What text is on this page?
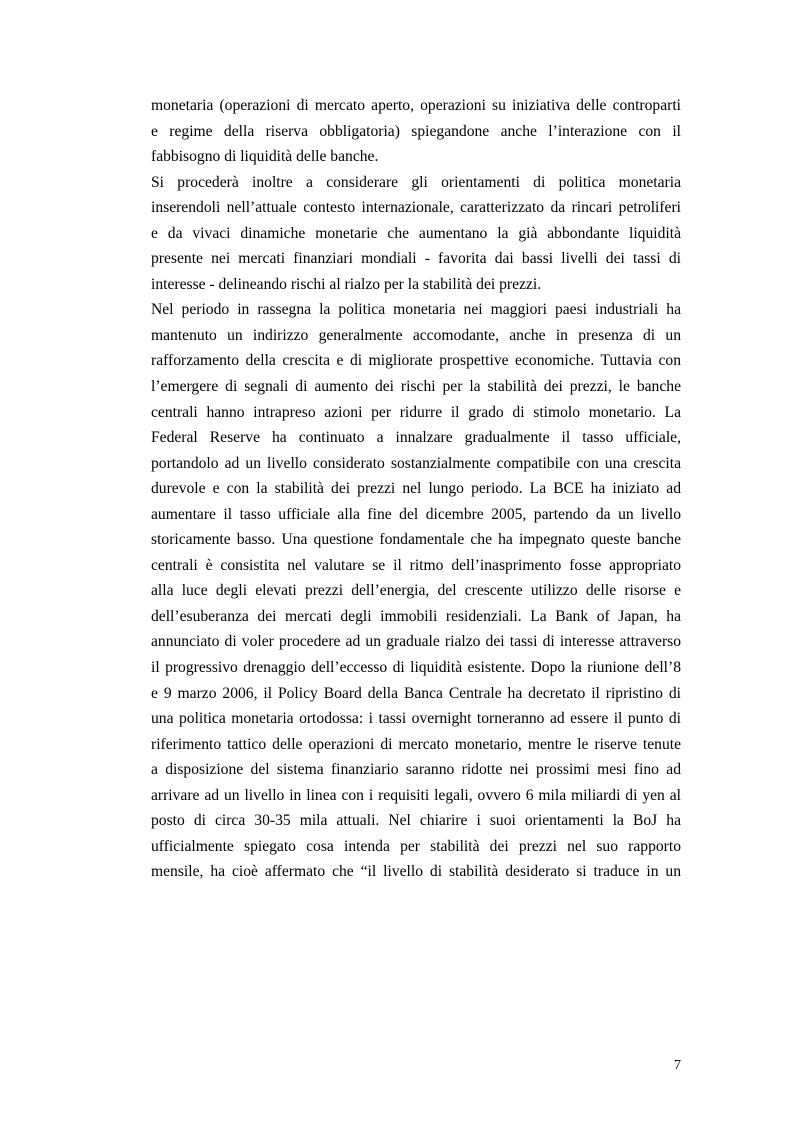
monetaria (operazioni di mercato aperto, operazioni su iniziativa delle controparti
e regime della riserva obbligatoria) spiegandone anche l’interazione con il
fabbisogno di liquidità delle banche.
Si procederà inoltre a considerare gli orientamenti di politica monetaria
inserendoli nell’attuale contesto internazionale, caratterizzato da rincari petroliferi
e da vivaci dinamiche monetarie che aumentano la già abbondante liquidità
presente nei mercati finanziari mondiali - favorita dai bassi livelli dei tassi di
interesse - delineando rischi al rialzo per la stabilità dei prezzi.
Nel periodo in rassegna la politica monetaria nei maggiori paesi industriali ha
mantenuto un indirizzo generalmente accomodante, anche in presenza di un
rafforzamento della crescita e di migliorate prospettive economiche. Tuttavia con
l’emergere di segnali di aumento dei rischi per la stabilità dei prezzi, le banche
centrali hanno intrapreso azioni per ridurre il grado di stimolo monetario. La
Federal Reserve ha continuato a innalzare gradualmente il tasso ufficiale,
portandolo ad un livello considerato sostanzialmente compatibile con una crescita
durevole e con la stabilità dei prezzi nel lungo periodo. La BCE ha iniziato ad
aumentare il tasso ufficiale alla fine del dicembre 2005, partendo da un livello
storicamente basso. Una questione fondamentale che ha impegnato queste banche
centrali è consistita nel valutare se il ritmo dell’inasprimento fosse appropriato
alla luce degli elevati prezzi dell’energia, del crescente utilizzo delle risorse e
dell’esuberanza dei mercati degli immobili residenziali. La Bank of Japan, ha
annunciato di voler procedere ad un graduale rialzo dei tassi di interesse attraverso
il progressivo drenaggio dell’eccesso di liquidità esistente. Dopo la riunione dell’8
e 9 marzo 2006, il Policy Board della Banca Centrale ha decretato il ripristino di
una politica monetaria ortodossa: i tassi overnight torneranno ad essere il punto di
riferimento tattico delle operazioni di mercato monetario, mentre le riserve tenute
a disposizione del sistema finanziario saranno ridotte nei prossimi mesi fino ad
arrivare ad un livello in linea con i requisiti legali, ovvero 6 mila miliardi di yen al
posto di circa 30-35 mila attuali. Nel chiarire i suoi orientamenti la BoJ ha
ufficialmente spiegato cosa intenda per stabilità dei prezzi nel suo rapporto
mensile, ha cioè affermato che “il livello di stabilità desiderato si traduce in un
7
